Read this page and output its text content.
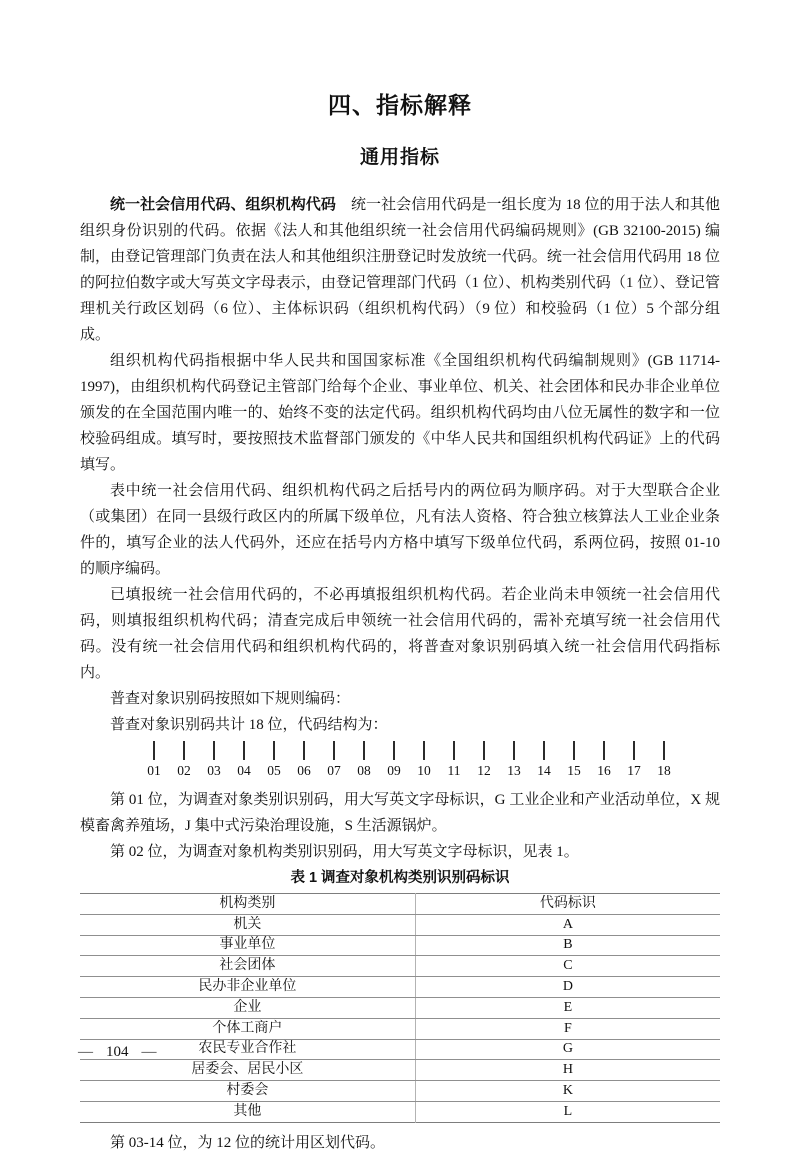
四、指标解释
通用指标

统一社会信用代码、组织机构代码　统一社会信用代码是一组长度为 18 位的用于法人和其他组织身份识别的代码。依据《法人和其他组织统一社会信用代码编码规则》(GB 32100-2015) 编制，由登记管理部门负责在法人和其他组织注册登记时发放统一代码。统一社会信用代码用 18 位的阿拉伯数字或大写英文字母表示，由登记管理部门代码（1 位）、机构类别代码（1 位）、登记管理机关行政区划码（6 位）、主体标识码（组织机构代码）（9 位）和校验码（1 位）5 个部分组成。

组织机构代码指根据中华人民共和国国家标准《全国组织机构代码编制规则》(GB 11714-1997)，由组织机构代码登记主管部门给每个企业、事业单位、机关、社会团体和民办非企业单位颁发的在全国范围内唯一的、始终不变的法定代码。组织机构代码均由八位无属性的数字和一位校验码组成。填写时，要按照技术监督部门颁发的《中华人民共和国组织机构代码证》上的代码填写。

表中统一社会信用代码、组织机构代码之后括号内的两位码为顺序码。对于大型联合企业（或集团）在同一县级行政区内的所属下级单位，凡有法人资格、符合独立核算法人工业企业条件的，填写企业的法人代码外，还应在括号内方格中填写下级单位代码，系两位码，按照 01-10 的顺序编码。

已填报统一社会信用代码的，不必再填报组织机构代码。若企业尚未申领统一社会信用代码，则填报组织机构代码；清查完成后申领统一社会信用代码的，需补充填写统一社会信用代码。没有统一社会信用代码和组织机构代码的，将普查对象识别码填入统一社会信用代码指标内。

普查对象识别码按照如下规则编码：

普查对象识别码共计 18 位，代码结构为：

01	02	03	04	05	06	07	08	09	10	11	12	13	14	15	16	17	18

第 01 位，为调查对象类别识别码，用大写英文字母标识，G 工业企业和产业活动单位，X 规模畜禽养殖场，J 集中式污染治理设施，S 生活源锅炉。

第 02 位，为调查对象机构类别识别码，用大写英文字母标识，见表 1。

表 1 调查对象机构类别识别码标识

机构类别	代码标识
机关	A
事业单位	B
社会团体	C
民办非企业单位	D
企业	E
个体工商户	F
农民专业合作社	G
居委会、居民小区	H
村委会	K
其他	L

第 03-14 位，为 12 位的统计用区划代码。

— 104 —
